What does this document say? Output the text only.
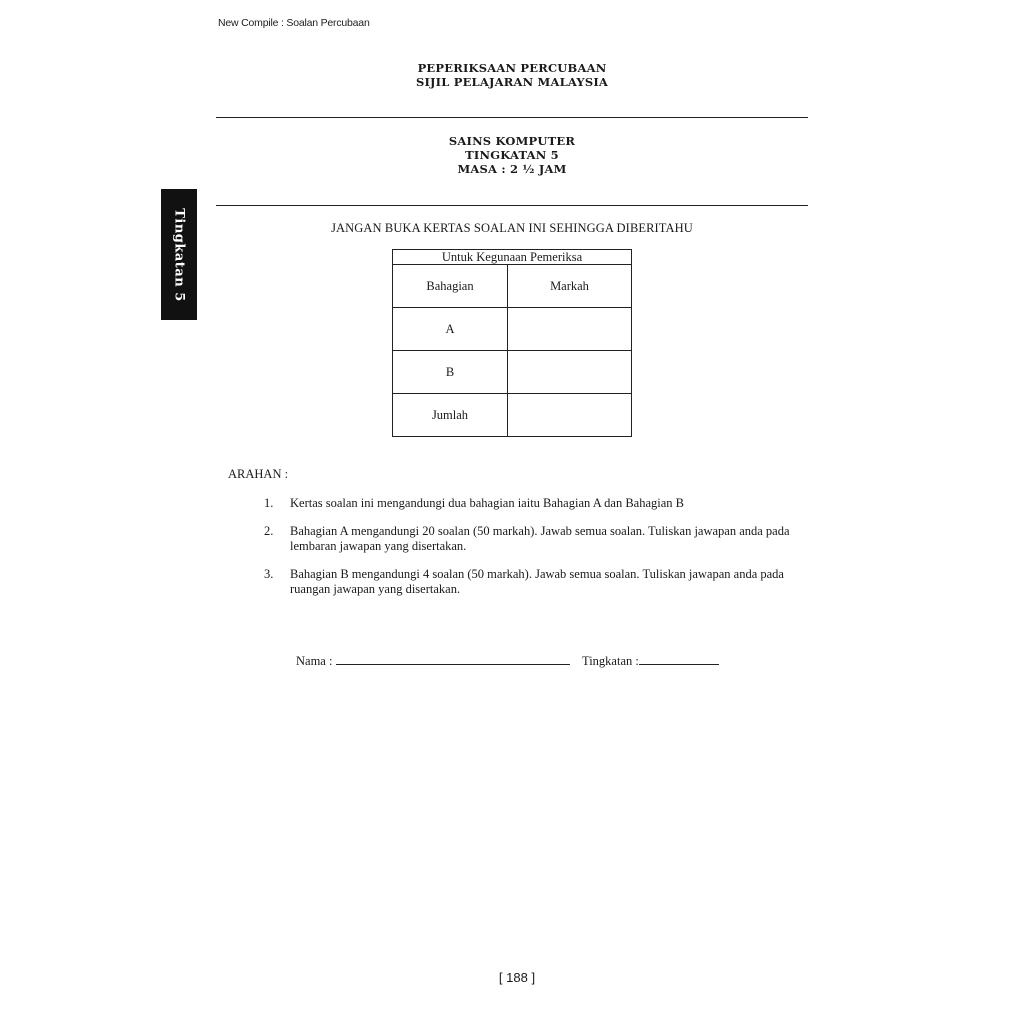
New Compile : Soalan Percubaan
PEPERIKSAAN PERCUBAAN
SIJIL PELAJARAN MALAYSIA
SAINS KOMPUTER
TINGKATAN 5
MASA : 2 ½ JAM
Tingkatan 5	JANGAN BUKA KERTAS SOALAN INI SEHINGGA DIBERITAHU
Untuk Kegunaan Pemeriksa	
Bahagian	Markah
A	
B	
Jumlah	
ARAHAN :
1. Kertas soalan ini mengandungi dua bahagian iaitu Bahagian A dan Bahagian B
2. Bahagian A mengandungi 20 soalan (50 markah). Jawab semua soalan. Tuliskan jawapan anda pada lembaran jawapan yang disertakan.
3. Bahagian B mengandungi 4 soalan (50 markah). Jawab semua soalan. Tuliskan jawapan anda pada ruangan jawapan yang disertakan.
Nama :	Tingkatan :
[ 188 ]
